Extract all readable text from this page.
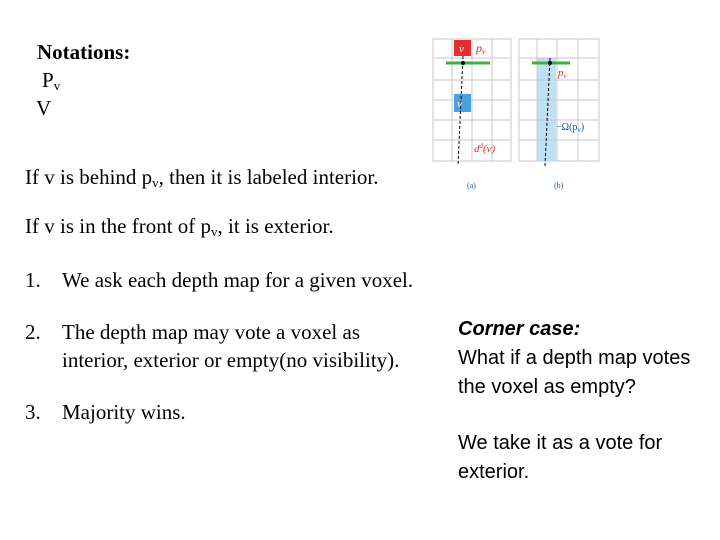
Notations:
$P_v$
V
If v is behind $p_v$, then it is labeled interior.
If v is in the front of $p_v$, it is exterior.
1. We ask each depth map for a given voxel.
2. The depth map may vote a voxel as interior, exterior or empty(no visibility).
3. Majority wins.

Corner case:

What if a depth map votes the voxel as empty?

We take it as a vote for exterior.

v pv
v
$d^d(v)$
(a)
pv
$-\Omega(p_v)$
(b)
